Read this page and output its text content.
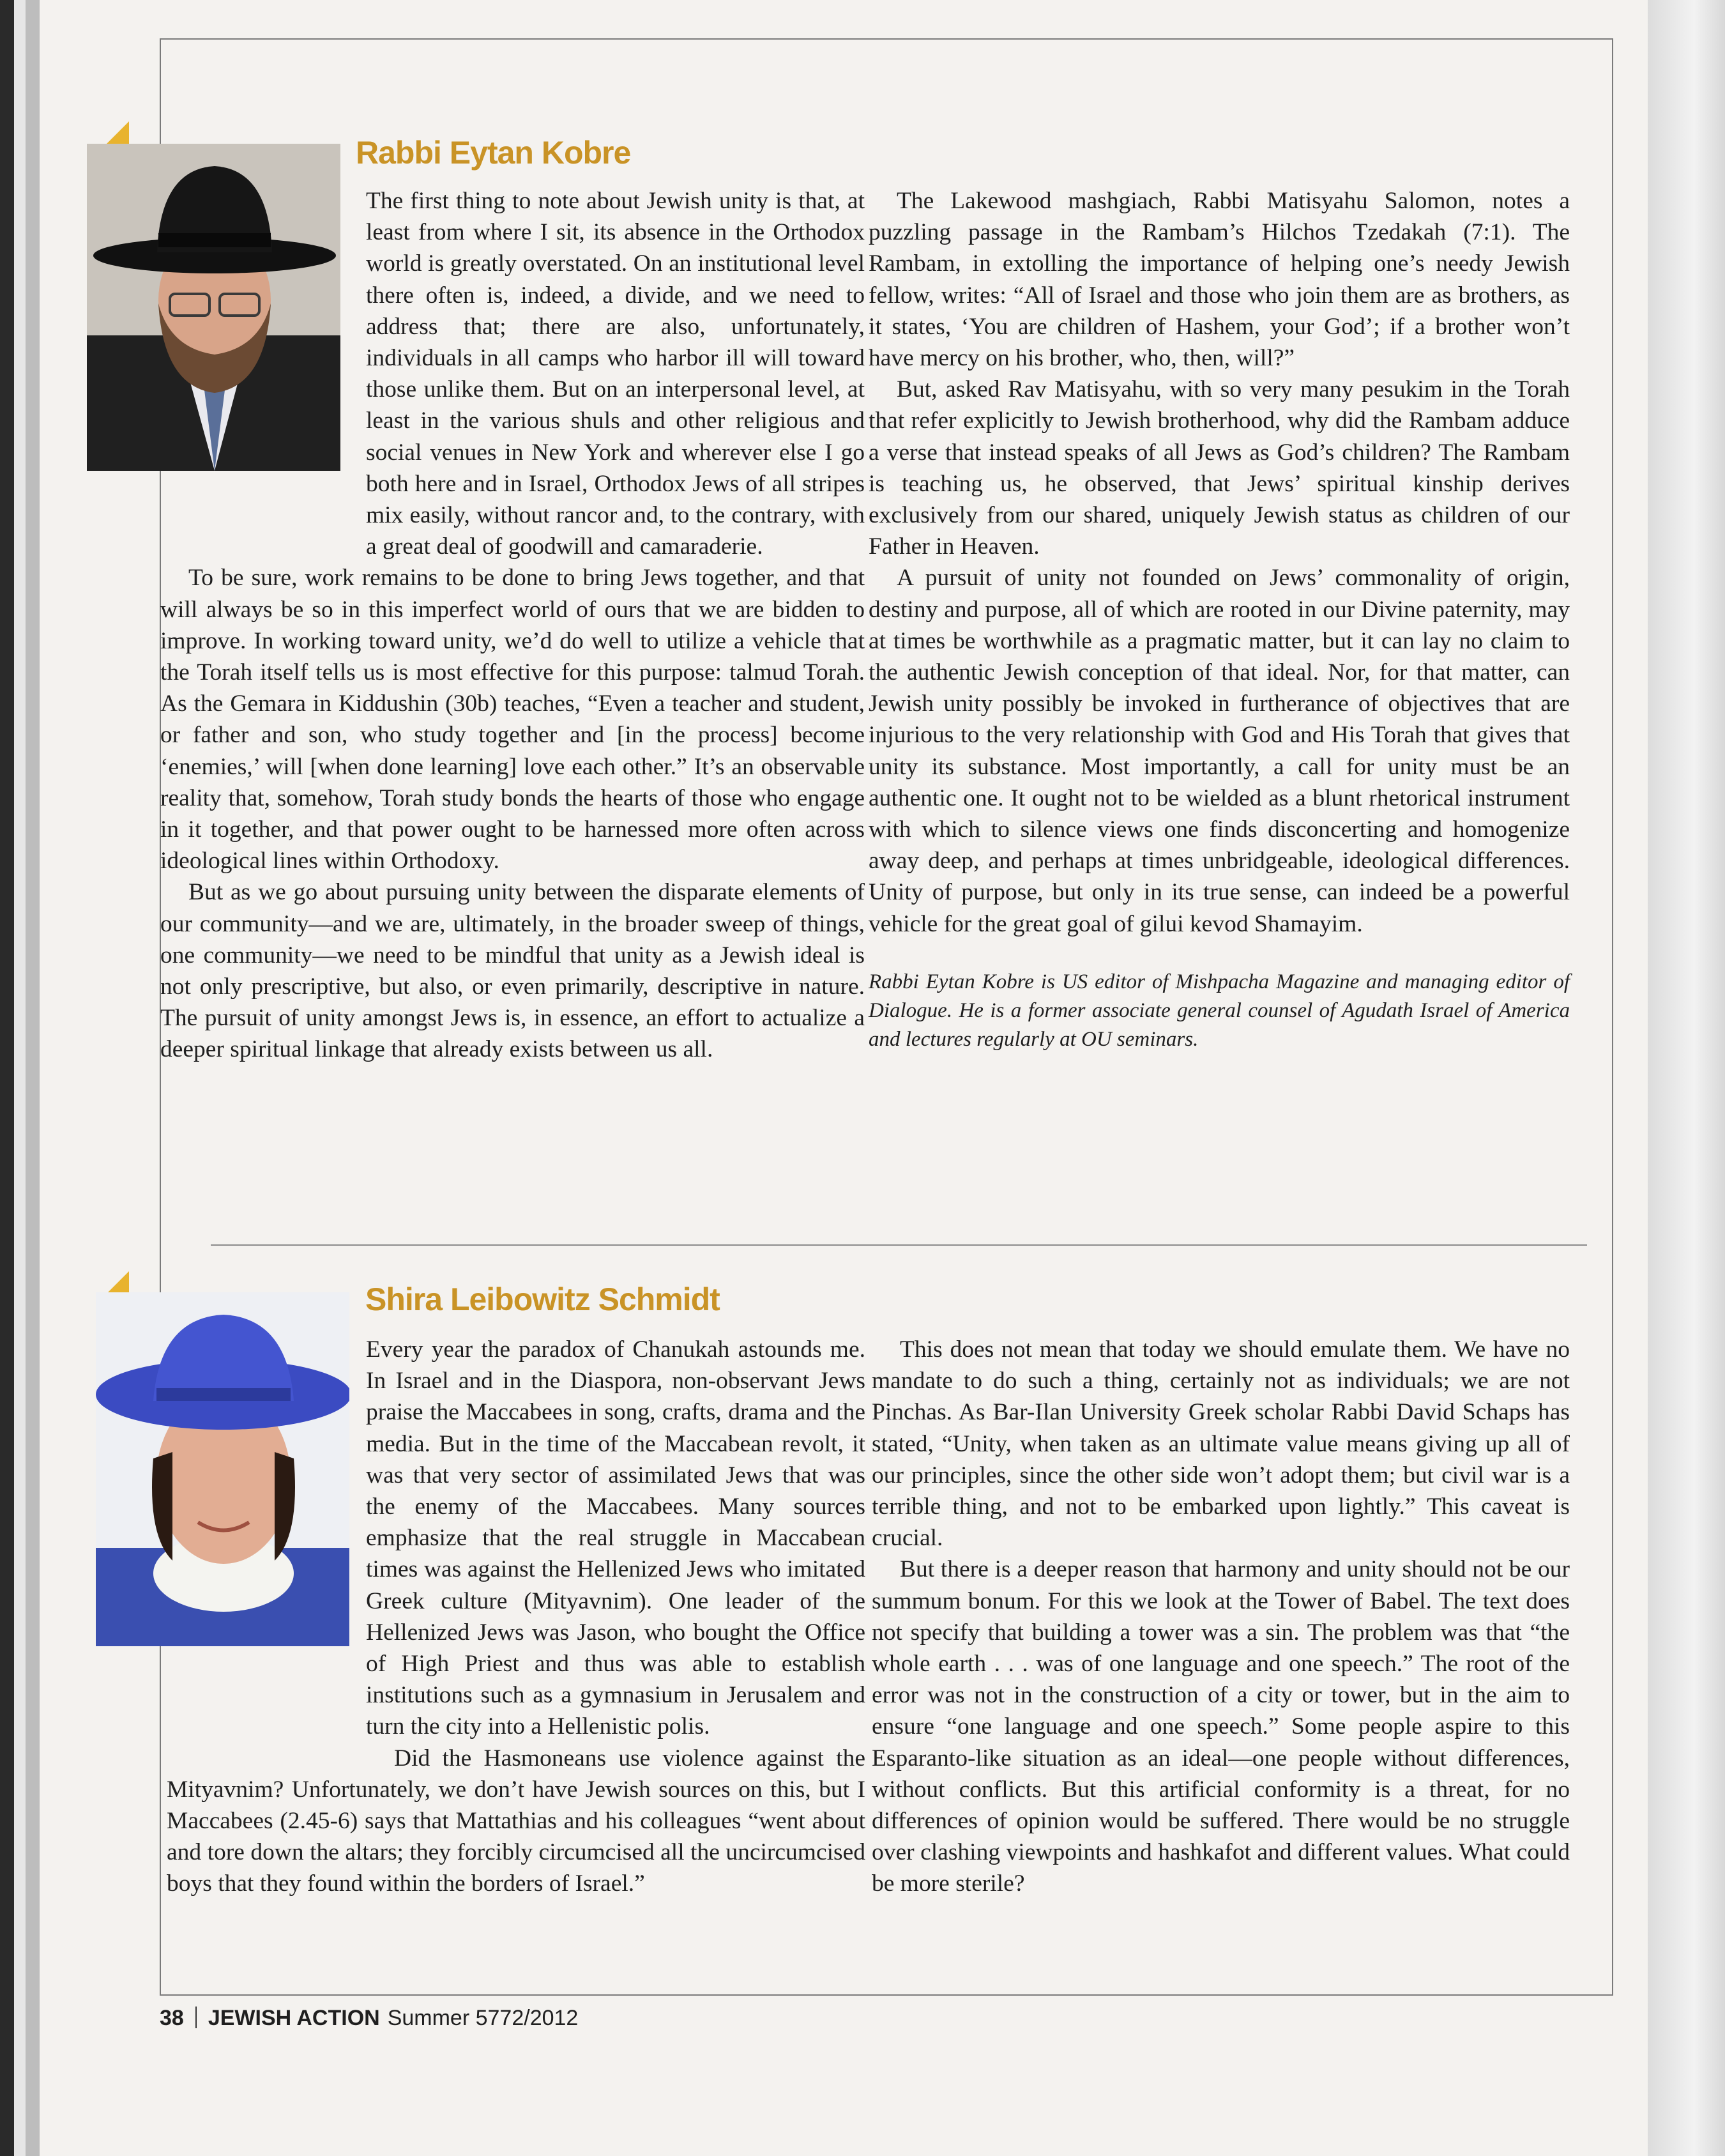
Rabbi Eytan Kobre

The first thing to note about Jewish unity is that, at least from where I sit, its absence in the Orthodox world is greatly overstated. On an institutional level there often is, indeed, a divide, and we need to address that; there are also, unfortunately, individuals in all camps who harbor ill will toward those unlike them. But on an interpersonal level, at least in the various shuls and other religious and social venues in New York and wherever else I go both here and in Israel, Orthodox Jews of all stripes mix easily, without rancor and, to the contrary, with a great deal of goodwill and camaraderie.

To be sure, work remains to be done to bring Jews together, and that will always be so in this imperfect world of ours that we are bidden to improve. In working toward unity, we’d do well to utilize a vehicle that the Torah itself tells us is most effective for this purpose: talmud Torah. As the Gemara in Kiddushin (30b) teaches, “Even a teacher and student, or father and son, who study together and [in the process] become ‘enemies,’ will [when done learning] love each other.” It’s an observable reality that, somehow, Torah study bonds the hearts of those who engage in it together, and that power ought to be harnessed more often across ideological lines within Orthodoxy.

But as we go about pursuing unity between the disparate elements of our community—and we are, ultimately, in the broader sweep of things, one community—we need to be mindful that unity as a Jewish ideal is not only prescriptive, but also, or even primarily, descriptive in nature. The pursuit of unity amongst Jews is, in essence, an effort to actualize a deeper spiritual linkage that already exists between us all.

The Lakewood mashgiach, Rabbi Matisyahu Salomon, notes a puzzling passage in the Rambam’s Hilchos Tzedakah (7:1). The Rambam, in extolling the importance of helping one’s needy Jewish fellow, writes: “All of Israel and those who join them are as brothers, as it states, ‘You are children of Hashem, your God’; if a brother won’t have mercy on his brother, who, then, will?”

But, asked Rav Matisyahu, with so very many pesukim in the Torah that refer explicitly to Jewish brotherhood, why did the Rambam adduce a verse that instead speaks of all Jews as God’s children? The Rambam is teaching us, he observed, that Jews’ spiritual kinship derives exclusively from our shared, uniquely Jewish status as children of our Father in Heaven.

A pursuit of unity not founded on Jews’ commonality of origin, destiny and purpose, all of which are rooted in our Divine paternity, may at times be worthwhile as a pragmatic matter, but it can lay no claim to the authentic Jewish conception of that ideal. Nor, for that matter, can Jewish unity possibly be invoked in furtherance of objectives that are injurious to the very relationship with God and His Torah that gives that unity its substance. Most importantly, a call for unity must be an authentic one. It ought not to be wielded as a blunt rhetorical instrument with which to silence views one finds disconcerting and homogenize away deep, and perhaps at times unbridgeable, ideological differences. Unity of purpose, but only in its true sense, can indeed be a powerful vehicle for the great goal of gilui kevod Shamayim.

Rabbi Eytan Kobre is US editor of Mishpacha Magazine and managing editor of Dialogue. He is a former associate general counsel of Agudath Israel of America and lectures regularly at OU seminars.

Shira Leibowitz Schmidt

Every year the paradox of Chanukah astounds me. In Israel and in the Diaspora, non-observant Jews praise the Maccabees in song, crafts, drama and the media. But in the time of the Maccabean revolt, it was that very sector of assimilated Jews that was the enemy of the Maccabees. Many sources emphasize that the real struggle in Maccabean times was against the Hellenized Jews who imitated Greek culture (Mityavnim). One leader of the Hellenized Jews was Jason, who bought the Office of High Priest and thus was able to establish institutions such as a gymnasium in Jerusalem and turn the city into a Hellenistic polis.

Did the Hasmoneans use violence against the Mityavnim? Unfortunately, we don’t have Jewish sources on this, but I Maccabees (2.45-6) says that Mattathias and his colleagues “went about and tore down the altars; they forcibly circumcised all the uncircumcised boys that they found within the borders of Israel.”

This does not mean that today we should emulate them. We have no mandate to do such a thing, certainly not as individuals; we are not Pinchas. As Bar-Ilan University Greek scholar Rabbi David Schaps has stated, “Unity, when taken as an ultimate value means giving up all of our principles, since the other side won’t adopt them; but civil war is a terrible thing, and not to be embarked upon lightly.” This caveat is crucial.

But there is a deeper reason that harmony and unity should not be our summum bonum. For this we look at the Tower of Babel. The text does not specify that building a tower was a sin. The problem was that “the whole earth . . . was of one language and one speech.” The root of the error was not in the construction of a city or tower, but in the aim to ensure “one language and one speech.” Some people aspire to this Esparanto-like situation as an ideal—one people without differences, without conflicts. But this artificial conformity is a threat, for no differences of opinion would be suffered. There would be no struggle over clashing viewpoints and hashkafot and different values. What could be more sterile?

38 JEWISH ACTION Summer 5772/2012
